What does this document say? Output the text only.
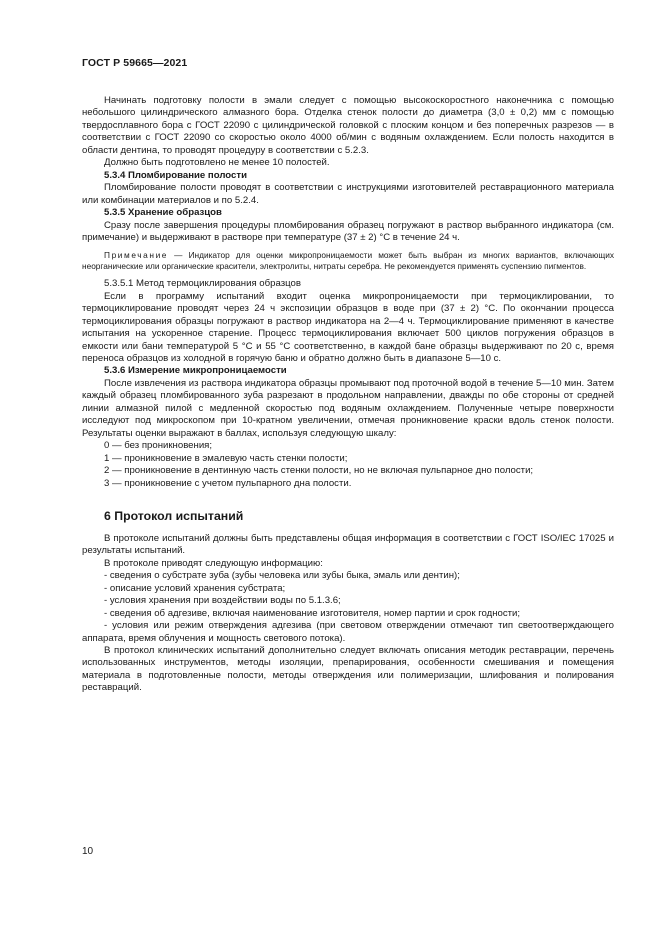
ГОСТ Р 59665—2021

Начинать подготовку полости в эмали следует с помощью высокоскоростного наконечника с помощью небольшого цилиндрического алмазного бора. Отделка стенок полости до диаметра (3,0 ± 0,2) мм с помощью твердосплавного бора с ГОСТ 22090 с цилиндрической головкой с плоским концом и без поперечных разрезов — в соответствии с ГОСТ 22090 со скоростью около 4000 об/мин с водяным охлаждением. Если полость находится в области дентина, то проводят процедуру в соответствии с 5.2.3.

Должно быть подготовлено не менее 10 полостей.

5.3.4 Пломбирование полости

Пломбирование полости проводят в соответствии с инструкциями изготовителей реставрационного материала или комбинации материалов и по 5.2.4.

5.3.5 Хранение образцов

Сразу после завершения процедуры пломбирования образец погружают в раствор выбранного индикатора (см. примечание) и выдерживают в растворе при температуре (37 ± 2) °С в течение 24 ч.

Примечание — Индикатор для оценки микропроницаемости может быть выбран из многих вариантов, включающих неорганические или органические красители, электролиты, нитраты серебра. Не рекомендуется применять суспензию пигментов.

5.3.5.1 Метод термоциклирования образцов

Если в программу испытаний входит оценка микропроницаемости при термоциклировании, то термоциклирование проводят через 24 ч экспозиции образцов в воде при (37 ± 2) °С. По окончании процесса термоциклирования образцы погружают в раствор индикатора на 2—4 ч. Термоциклирование применяют в качестве испытания на ускоренное старение. Процесс термоциклирования включает 500 циклов погружения образцов в емкости или бани температурой 5 °С и 55 °С соответственно, в каждой бане образцы выдерживают по 20 с, время переноса образцов из холодной в горячую баню и обратно должно быть в диапазоне 5—10 с.

5.3.6 Измерение микропроницаемости

После извлечения из раствора индикатора образцы промывают под проточной водой в течение 5—10 мин. Затем каждый образец пломбированного зуба разрезают в продольном направлении, дважды по обе стороны от средней линии алмазной пилой с медленной скоростью под водяным охлаждением. Полученные четыре поверхности исследуют под микроскопом при 10-кратном увеличении, отмечая проникновение краски вдоль стенок полости. Результаты оценки выражают в баллах, используя следующую шкалу:

0 — без проникновения;

1 — проникновение в эмалевую часть стенки полости;

2 — проникновение в дентинную часть стенки полости, но не включая пульпарное дно полости;

3 — проникновение с учетом пульпарного дна полости.

6 Протокол испытаний

В протоколе испытаний должны быть представлены общая информация в соответствии с ГОСТ ISO/IEC 17025 и результаты испытаний.

В протоколе приводят следующую информацию:

- сведения о субстрате зуба (зубы человека или зубы быка, эмаль или дентин);

- описание условий хранения субстрата;

- условия хранения при воздействии воды по 5.1.3.6;

- сведения об адгезиве, включая наименование изготовителя, номер партии и срок годности;

- условия или режим отверждения адгезива (при световом отверждении отмечают тип светоотверждающего аппарата, время облучения и мощность светового потока).

В протокол клинических испытаний дополнительно следует включать описания методик реставрации, перечень использованных инструментов, методы изоляции, препарирования, особенности смешивания и помещения материала в подготовленные полости, методы отверждения или полимеризации, шлифования и полирования реставраций.

10
